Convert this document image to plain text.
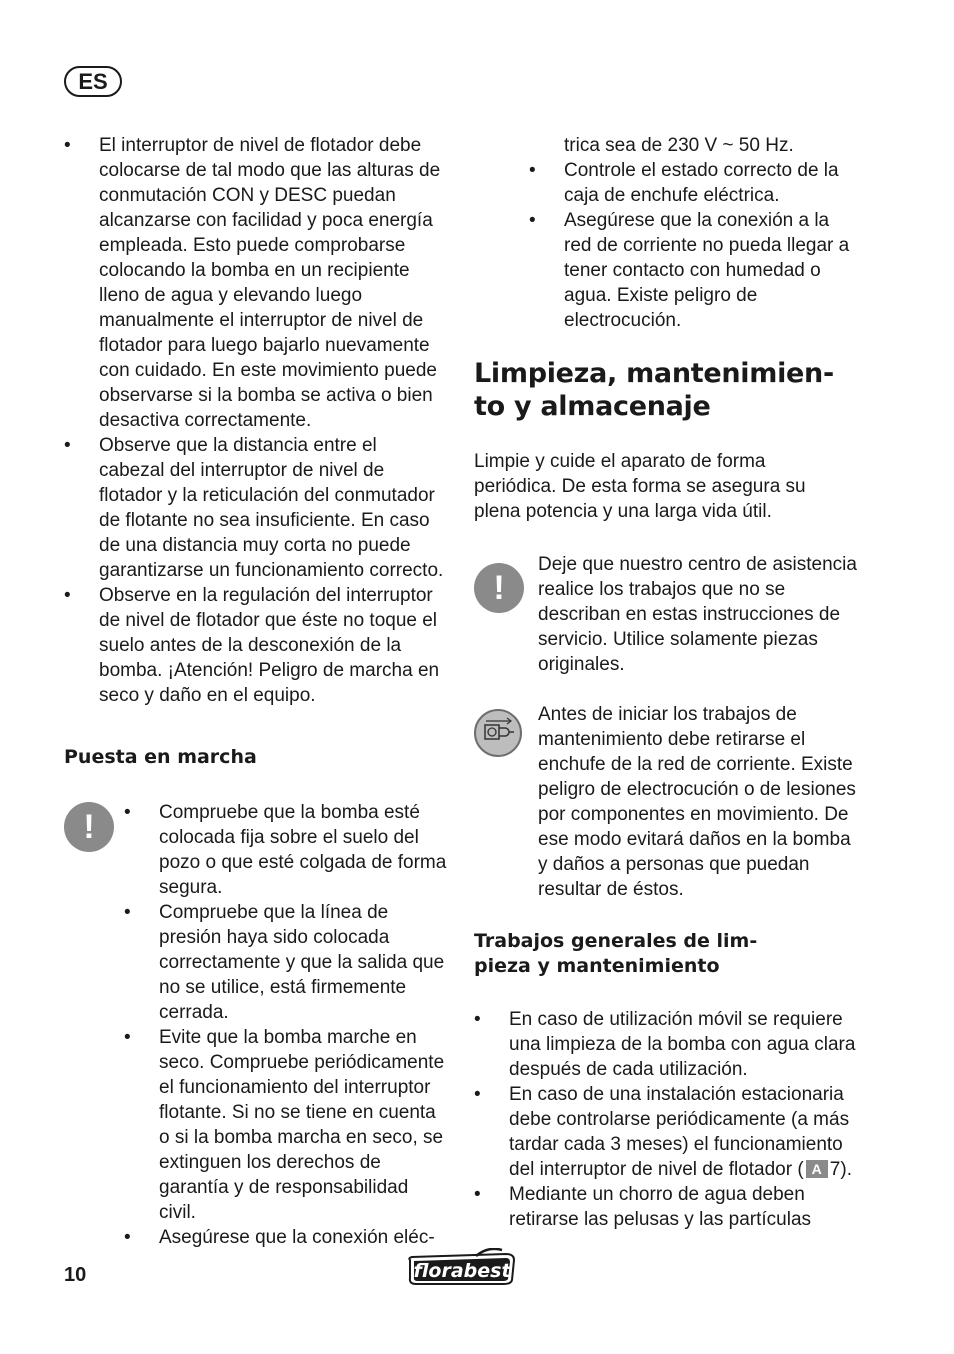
ES
• El interruptor de nivel de flotador debe colocarse de tal modo que las alturas de conmutación CON y DESC puedan alcanzarse con facilidad y poca energía empleada. Esto puede comprobarse colocando la bomba en un recipiente lleno de agua y elevando luego manualmente el interruptor de nivel de flotador para luego bajarlo nuevamente con cuidado. En este movimiento puede observarse si la bomba se activa o bien desactiva correctamente.
• Observe que la distancia entre el cabezal del interruptor de nivel de flotador y la reticulación del conmutador de flotante no sea insuficiente. En caso de una distancia muy corta no puede garantizarse un funcionamiento correcto.
• Observe en la regulación del interruptor de nivel de flotador que éste no toque el suelo antes de la desconexión de la bomba. ¡Atención! Peligro de marcha en seco y daño en el equipo.
Puesta en marcha
!
•	Compruebe que la bomba esté colocada fija sobre el suelo del pozo o que esté colgada de forma segura.
• Compruebe que la línea de presión haya sido colocada correctamente y que la salida que no se utilice, está firmemente cerrada.
• Evite que la bomba marche en seco. Compruebe periódicamente el funcionamiento del interruptor flotante. Si no se tiene en cuenta o si la bomba marcha en seco, se extinguen los derechos de garantía y de responsabilidad civil.
• Asegúrese que la conexión eléc-

trica sea de 230 V ~ 50 Hz.

• Controle el estado correcto de la caja de enchufe eléctrica.
• Asegúrese que la conexión a la red de corriente no pueda llegar a tener contacto con humedad o agua. Existe peligro de electrocución.
Limpieza, mantenimien-
to y almacenaje

Limpie y cuide el aparato de forma periódica. De esta forma se asegura su plena potencia y una larga vida útil.

!

Deje que nuestro centro de asistencia realice los trabajos que no se describan en estas instrucciones de servicio. Utilice solamente piezas originales.

Antes de iniciar los trabajos de mantenimiento debe retirarse el enchufe de la red de corriente. Existe peligro de electrocución o de lesiones por componentes en movimiento. De ese modo evitará daños en la bomba y daños a personas que puedan resultar de éstos.

Trabajos generales de lim-
pieza y mantenimiento
• En caso de utilización móvil se requiere una limpieza de la bomba con agua clara después de cada utilización.
• En caso de una instalación estacionaria debe controlarse periódicamente (a más tardar cada 3 meses) el funcionamiento del interruptor de nivel de flotador ( A 7).
• Mediante un chorro de agua deben retirarse las pelusas y las partículas
10	florabest
